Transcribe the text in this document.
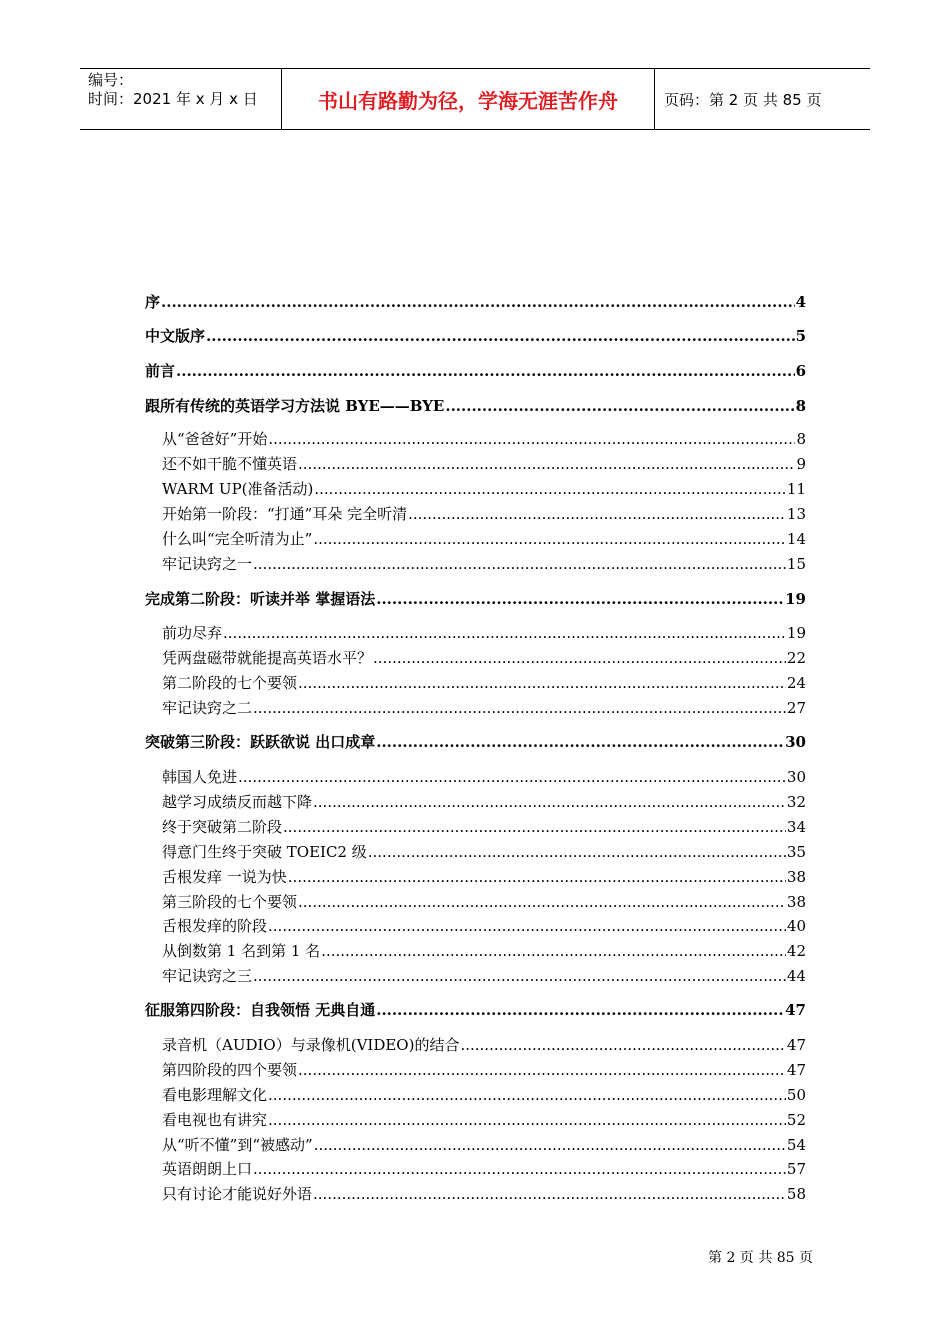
编号：
时间：2021 年 x 月 x 日	书山有路勤为径，学海无涯苦作舟	页码：第 2 页 共 85 页
序 .....	4
中文版序 .....	5
前言 .....	6
跟所有传统的英语学习方法说 BYE——BYE .....	8
从“爸爸好”开始 .....	8
还不如干脆不懂英语 .....	9
WARM UP(准备活动) .....	11
开始第一阶段：“打通”耳朵 完全听清 .....	13
什么叫“完全听清为止” .....	14
牢记诀窍之一 .....	15
完成第二阶段：听读并举 掌握语法 .....	19
前功尽弃 .....	19
凭两盘磁带就能提高英语水平？ .....	22
第二阶段的七个要领 .....	24
牢记诀窍之二 .....	27
突破第三阶段：跃跃欲说 出口成章 .....	30
韩国人免进 .....	30
越学习成绩反而越下降 .....	32
终于突破第二阶段 .....	34
得意门生终于突破 TOEIC2 级 .....	35
舌根发痒 一说为快 .....	38
第三阶段的七个要领 .....	38
舌根发痒的阶段 .....	40
从倒数第 1 名到第 1 名 .....	42
牢记诀窍之三 .....	44
征服第四阶段：自我领悟 无典自通 .....	47
录音机（AUDIO）与录像机(VIDEO)的结合 .....	47
第四阶段的四个要领 .....	47
看电影理解文化 .....	50
看电视也有讲究 .....	52
从“听不懂”到“被感动” .....	54
英语朗朗上口 .....	57
只有讨论才能说好外语 .....	58
第 2 页 共 85 页
